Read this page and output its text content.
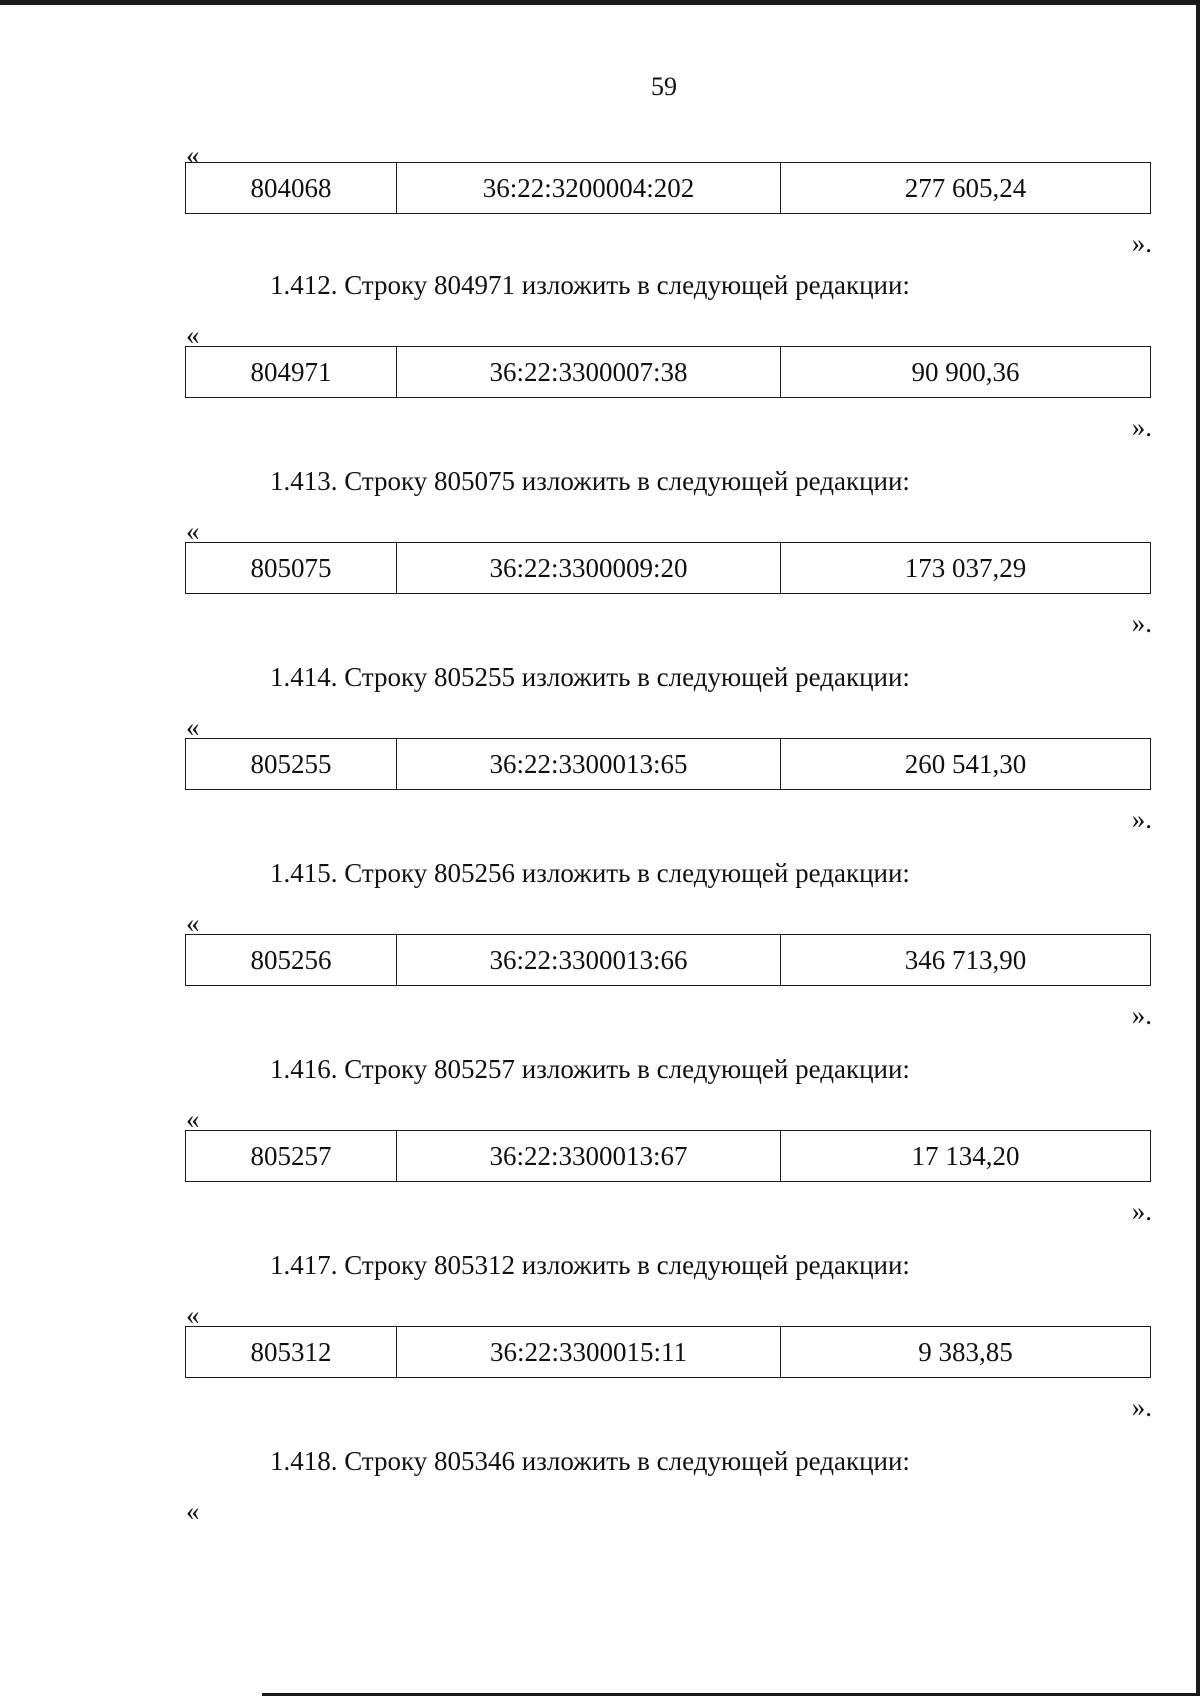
59
«
804068	36:22:3200004:202	277 605,24
».
1.412. Строку 804971 изложить в следующей редакции:
«
804971	36:22:3300007:38	90 900,36
».
1.413. Строку 805075 изложить в следующей редакции:
«
805075	36:22:3300009:20	173 037,29
».
1.414. Строку 805255 изложить в следующей редакции:
«
805255	36:22:3300013:65	260 541,30
».
1.415. Строку 805256 изложить в следующей редакции:
«
805256	36:22:3300013:66	346 713,90
».
1.416. Строку 805257 изложить в следующей редакции:
«
805257	36:22:3300013:67	17 134,20
».
1.417. Строку 805312 изложить в следующей редакции:
«
805312	36:22:3300015:11	9 383,85
».
1.418. Строку 805346 изложить в следующей редакции:
«
